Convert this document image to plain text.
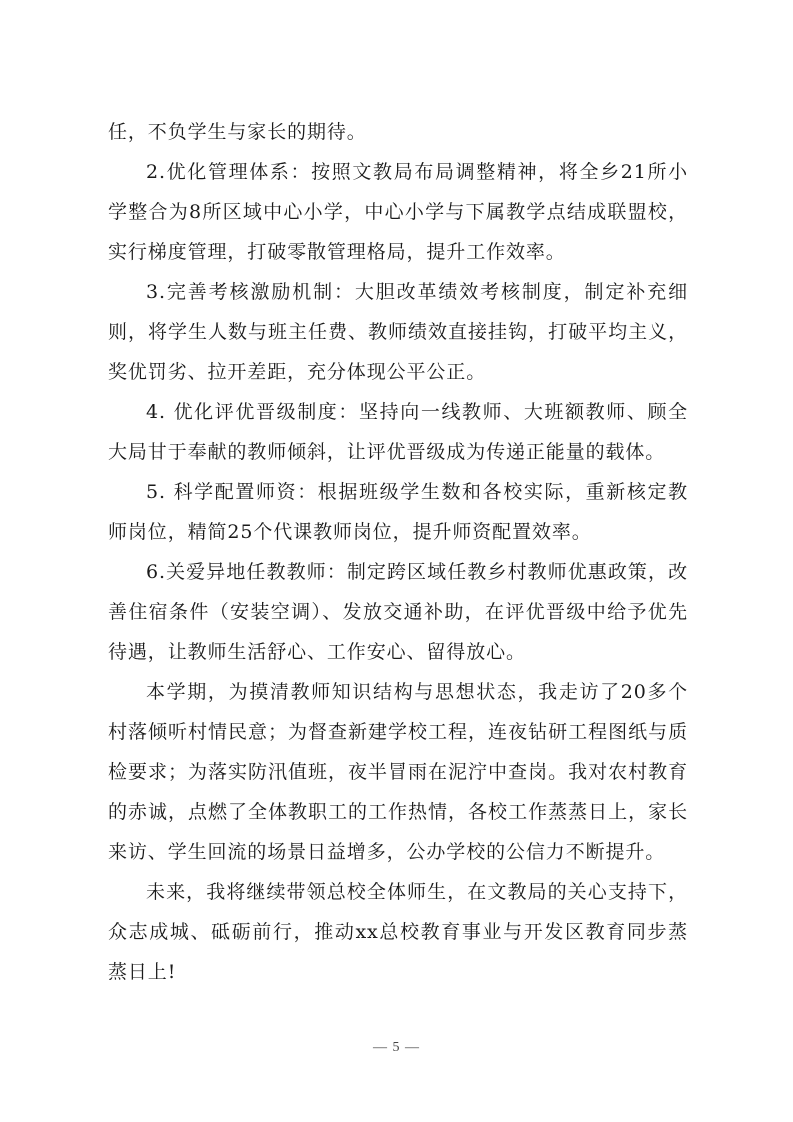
任，不负学生与家长的期待。

2.优化管理体系：按照文教局布局调整精神，将全乡21所小学整合为8所区域中心小学，中心小学与下属教学点结成联盟校，实行梯度管理，打破零散管理格局，提升工作效率。

3.完善考核激励机制：大胆改革绩效考核制度，制定补充细则，将学生人数与班主任费、教师绩效直接挂钩，打破平均主义，奖优罚劣、拉开差距，充分体现公平公正。

4. 优化评优晋级制度：坚持向一线教师、大班额教师、顾全大局甘于奉献的教师倾斜，让评优晋级成为传递正能量的载体。

5. 科学配置师资：根据班级学生数和各校实际，重新核定教师岗位，精简25个代课教师岗位，提升师资配置效率。

6.关爱异地任教教师：制定跨区域任教乡村教师优惠政策，改善住宿条件（安装空调）、发放交通补助，在评优晋级中给予优先待遇，让教师生活舒心、工作安心、留得放心。

本学期，为摸清教师知识结构与思想状态，我走访了20多个村落倾听村情民意；为督查新建学校工程，连夜钻研工程图纸与质检要求；为落实防汛值班，夜半冒雨在泥泞中查岗。我对农村教育的赤诚，点燃了全体教职工的工作热情，各校工作蒸蒸日上，家长来访、学生回流的场景日益增多，公办学校的公信力不断提升。

未来，我将继续带领总校全体师生，在文教局的关心支持下，众志成城、砥砺前行，推动xx总校教育事业与开发区教育同步蒸蒸日上!

— 5 —
